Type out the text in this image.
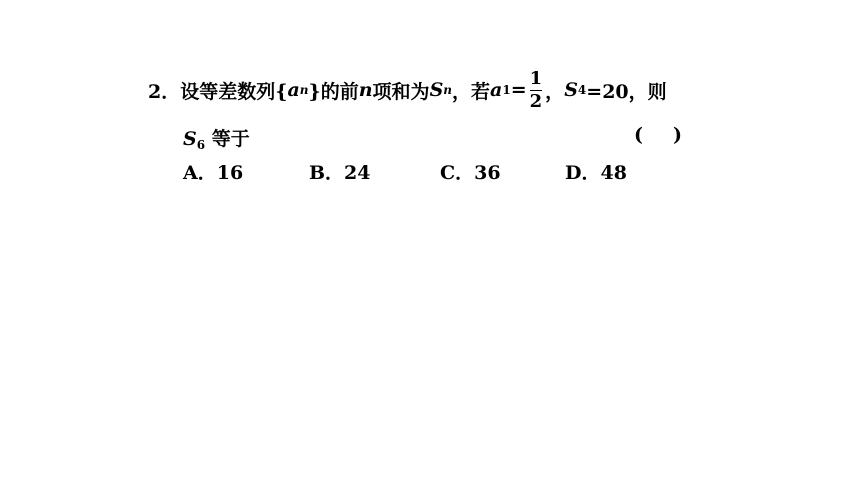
2． 设等差数列{ a n }的前 n 项和为 S n ，若 a $1 = \frac{1}{2}$ ， S 4 =20，则
$S_6$ 等于	( )
A．16	B．24	C．36	D．48
